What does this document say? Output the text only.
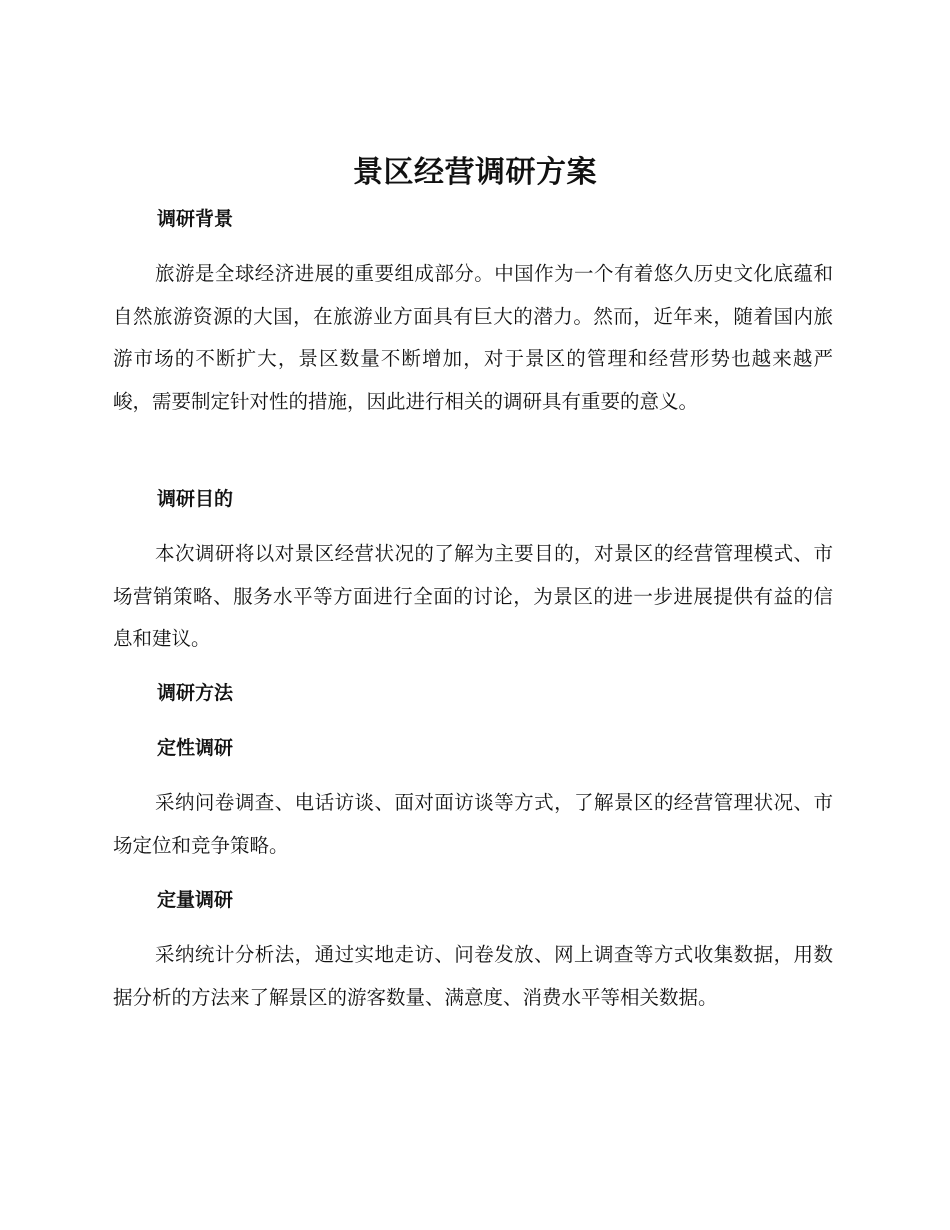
景区经营调研方案
调研背景
旅游是全球经济进展的重要组成部分。中国作为一个有着悠久历史文化底蕴和自然旅游资源的大国，在旅游业方面具有巨大的潜力。然而，近年来，随着国内旅游市场的不断扩大，景区数量不断增加，对于景区的管理和经营形势也越来越严峻，需要制定针对性的措施，因此进行相关的调研具有重要的意义。
调研目的
本次调研将以对景区经营状况的了解为主要目的，对景区的经营管理模式、市场营销策略、服务水平等方面进行全面的讨论，为景区的进一步进展提供有益的信息和建议。
调研方法
定性调研
采纳问卷调查、电话访谈、面对面访谈等方式，了解景区的经营管理状况、市场定位和竞争策略。
定量调研
采纳统计分析法，通过实地走访、问卷发放、网上调查等方式收集数据，用数据分析的方法来了解景区的游客数量、满意度、消费水平等相关数据。
